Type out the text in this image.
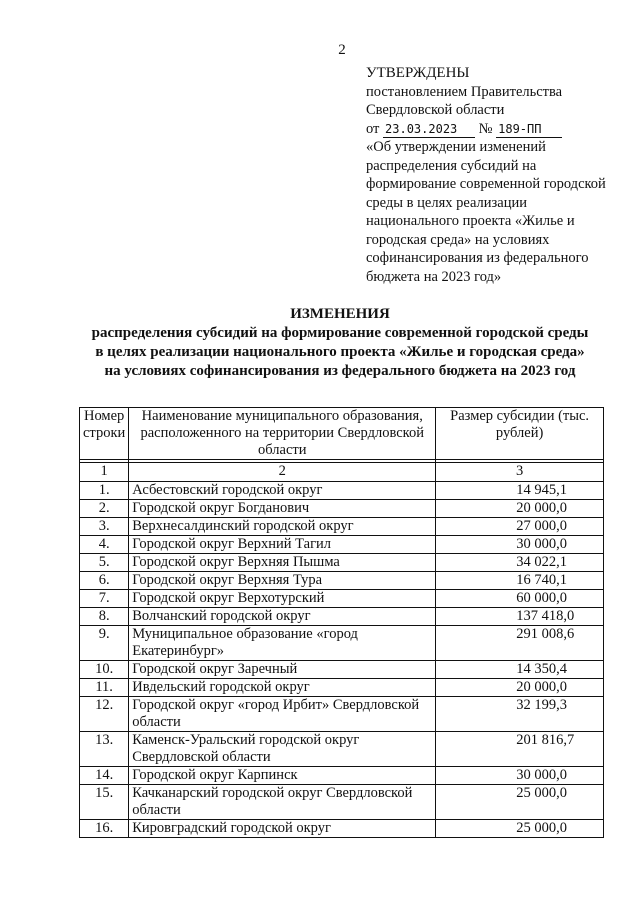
2
УТВЕРЖДЕНЫ
постановлением Правительства
Свердловской области
от 23.03.2023 № 189-ПП
«Об утверждении изменений распределения субсидий на формирование современной городской среды в целях реализации национального проекта «Жилье и городская среда» на условиях софинансирования из федерального бюджета на 2023 год»
ИЗМЕНЕНИЯ
распределения субсидий на формирование современной городской среды
в целях реализации национального проекта «Жилье и городская среда»
на условиях софинансирования из федерального бюджета на 2023 год
Номер строки	Наименование муниципального образования, расположенного на территории Свердловской области	Размер субсидии (тыс. рублей)

1	2	3
1.	Асбестовский городской округ	14 945,1
2.	Городской округ Богданович	20 000,0
3.	Верхнесалдинский городской округ	27 000,0
4.	Городской округ Верхний Тагил	30 000,0
5.	Городской округ Верхняя Пышма	34 022,1
6.	Городской округ Верхняя Тура	16 740,1
7.	Городской округ Верхотурский	60 000,0
8.	Волчанский городской округ	137 418,0
9.	Муниципальное образование «город Екатеринбург»	291 008,6
10.	Городской округ Заречный	14 350,4
11.	Ивдельский городской округ	20 000,0
12.	Городской округ «город Ирбит» Свердловской области	32 199,3
13.	Каменск-Уральский городской округ Свердловской области	201 816,7
14.	Городской округ Карпинск	30 000,0
15.	Качканарский городской округ Свердловской области	25 000,0
16.	Кировградский городской округ	25 000,0
